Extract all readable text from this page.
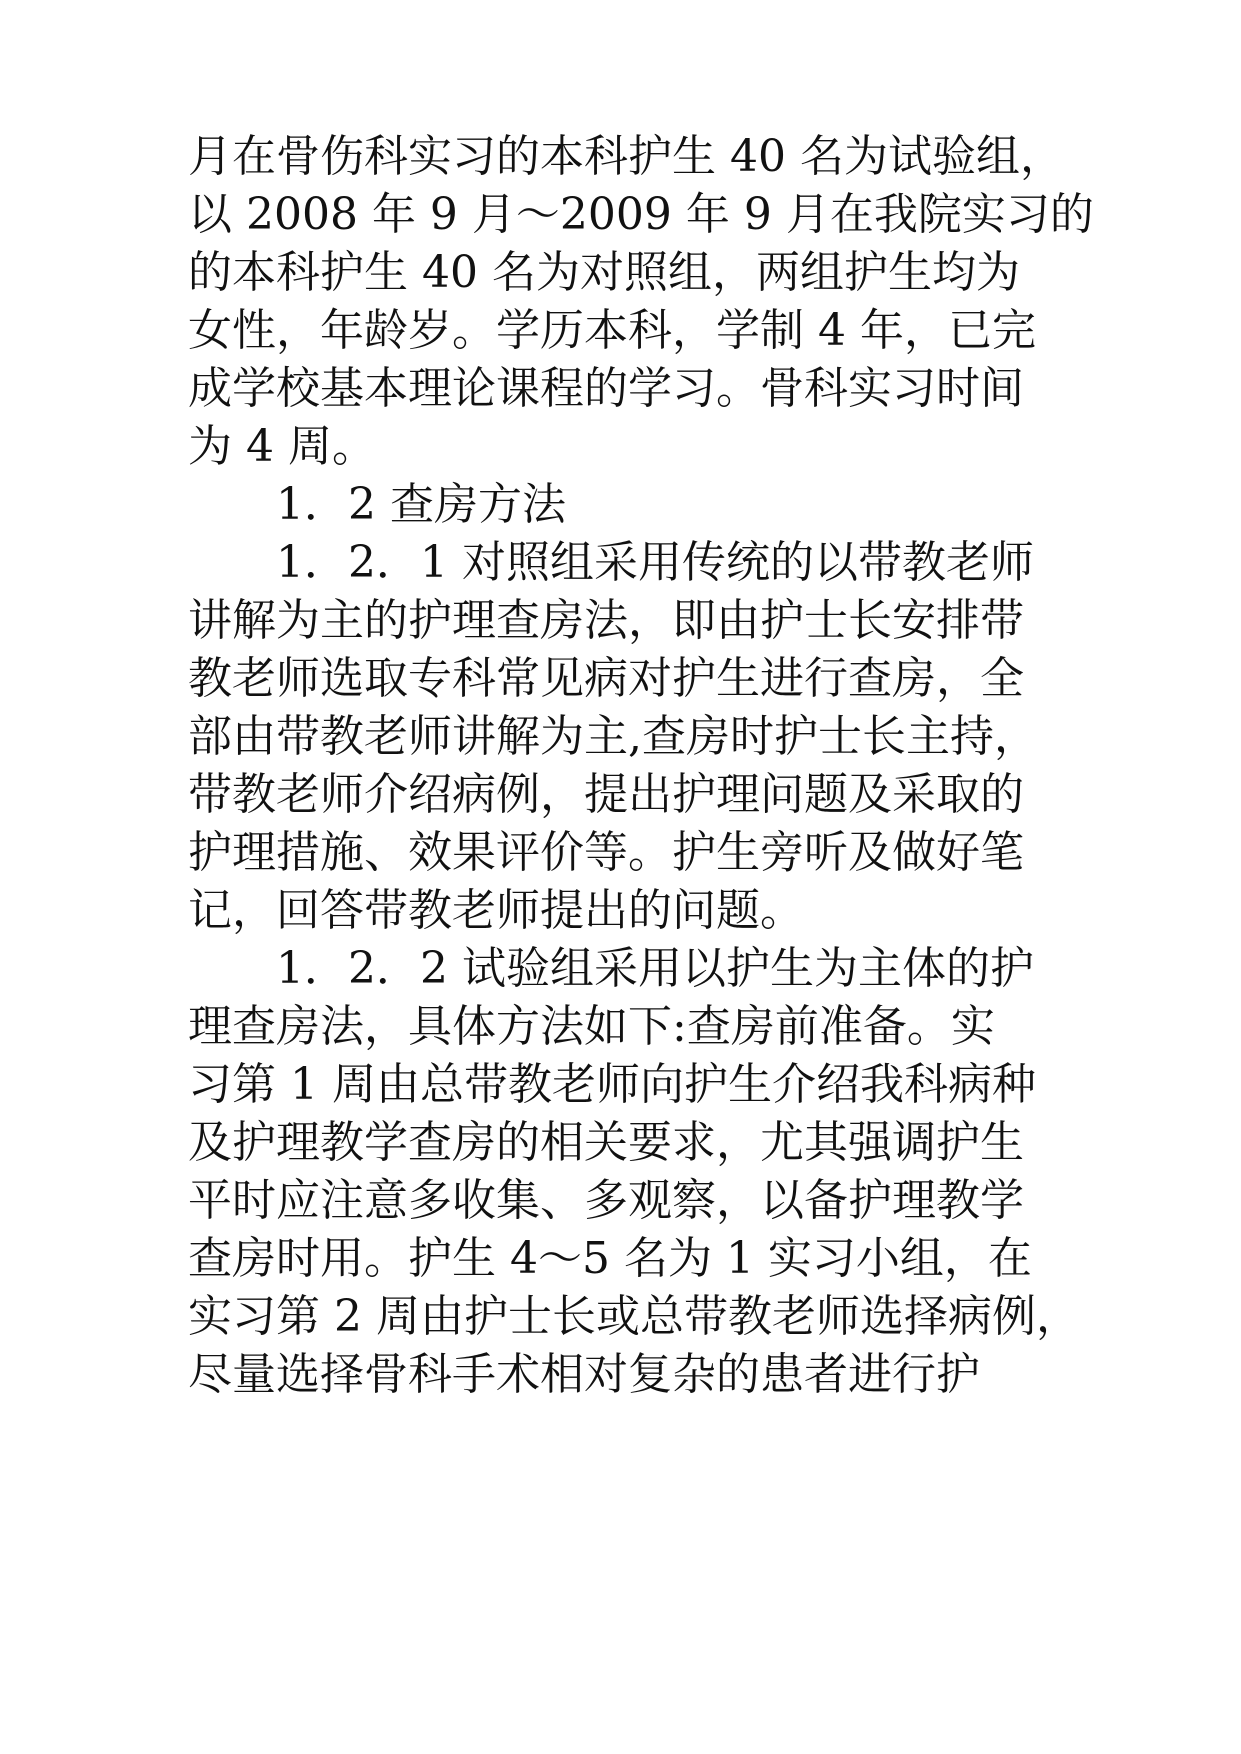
月在骨伤科实习的本科护生 40 名为试验组，
以 2008 年 9 月～2009 年 9 月在我院实习的
的本科护生 40 名为对照组，两组护生均为
女性，年龄岁。学历本科，学制 4 年，已完
成学校基本理论课程的学习。骨科实习时间
为 4 周。
1．2 查房方法
1．2．1 对照组采用传统的以带教老师
讲解为主的护理查房法，即由护士长安排带
教老师选取专科常见病对护生进行查房，全
部由带教老师讲解为主,查房时护士长主持，
带教老师介绍病例，提出护理问题及采取的
护理措施、效果评价等。护生旁听及做好笔
记，回答带教老师提出的问题。
1．2．2 试验组采用以护生为主体的护
理查房法，具体方法如下:查房前准备。实
习第 1 周由总带教老师向护生介绍我科病种
及护理教学查房的相关要求，尤其强调护生
平时应注意多收集、多观察，以备护理教学
查房时用。护生 4～5 名为 1 实习小组，在
实习第 2 周由护士长或总带教老师选择病例，
尽量选择骨科手术相对复杂的患者进行护
